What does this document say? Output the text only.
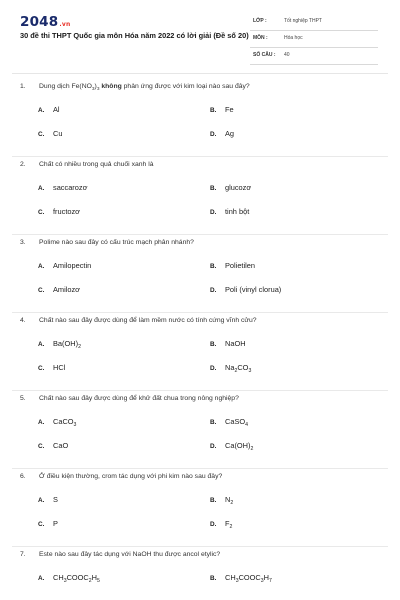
2048.vn
30 đề thi THPT Quốc gia môn Hóa năm 2022 có lời giải (Đề số 20)
LỚP :	Tốt nghiệp THPT
MÔN :	Hóa học
SỐ CÂU : 40
1. Dung dịch $Fe(NO_3)_3$ không phản ứng được với kim loại nào sau đây?
A. Al	B. Fe
C. Cu	D. Ag
2. Chất có nhiều trong quả chuối xanh là
A. saccarozơ	B. glucozơ
C. fructozơ	D. tinh bột
3. Polime nào sau đây có cấu trúc mạch phân nhánh?
A. Amilopectin	B. Polietilen
C. Amilozơ	D. Poli (vinyl clorua)
4. Chất nào sau đây được dùng để làm mềm nước có tính cứng vĩnh cửu?
A. $Ba(OH)_2$	B. NaOH
C. HCl	D. $Na_2CO_3$
5. Chất nào sau đây được dùng để khử đất chua trong nông nghiệp?
A. CaCO$_3$	B. CaSO$_4$
C. CaO	D. $Ca(OH)_2$
6. Ở điều kiện thường, crom tác dụng với phi kim nào sau đây?
A. S	B. $N_2$
C. P	D. $F_2$
7. Este nào sau đây tác dụng với NaOH thu được ancol etylic?
A. $CH_3COOC_2H_5$	B. $CH_3COOC_3H_7$
